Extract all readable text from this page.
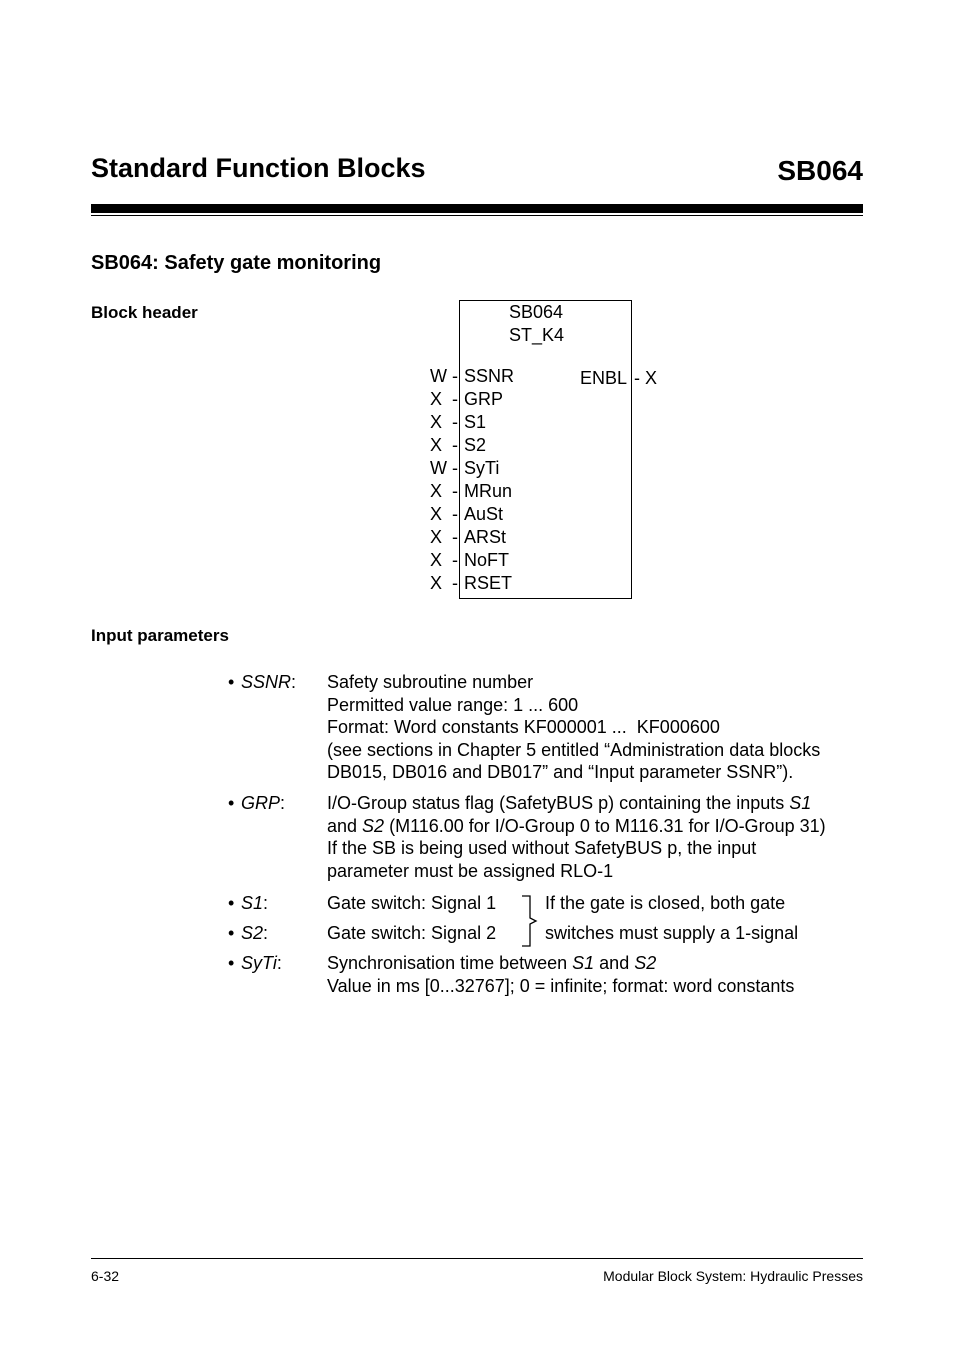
Standard Function Blocks	SB064
SB064: Safety gate monitoring
Block header	SB064
ST_K4
W - SSNR
X  - GRP
X  - S1
X  - S2
W - SyTi
X  - MRun
X  - AuSt
X  - ARSt
X  - NoFT
X  - RSET
ENBL - X
Input parameters
• SSNR: Safety subroutine number
Permitted value range: 1 ... 600
Format: Word constants KF000001 ...  KF000600
(see sections in Chapter 5 entitled “Administration data blocks
DB015, DB016 and DB017” and “Input parameter SSNR”).
• GRP: I/O-Group status flag (SafetyBUS p) containing the inputs S1
and S2 (M116.00 for I/O-Group 0 to M116.31 for I/O-Group 31)
If the SB is being used without SafetyBUS p, the input
parameter must be assigned RLO-1
• S1:	Gate switch: Signal 1	If the gate is closed, both gate
• S2:	Gate switch: Signal 2	switches must supply a 1-signal
• SyTi:	Synchronisation time between S1 and S2
Value in ms [0...32767]; 0 = infinite; format: word constants
6-32	Modular Block System: Hydraulic Presses
